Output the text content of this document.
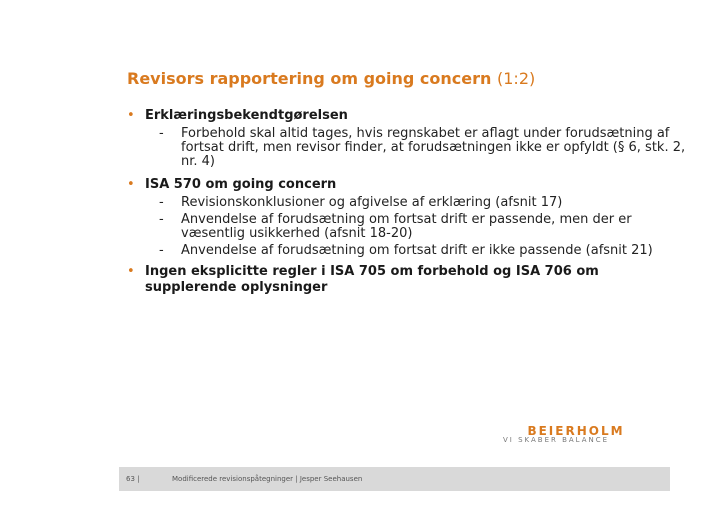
Revisors rapportering om going concern (1:2)
• Erklæringsbekendtgørelsen
- Forbehold skal altid tages, hvis regnskabet er aflagt under forudsætning af fortsat drift, men revisor finder, at forudsætningen ikke er opfyldt (§ 6, stk. 2, nr. 4)
• ISA 570 om going concern
- Revisionskonklusioner og afgivelse af erklæring (afsnit 17)
- Anvendelse af forudsætning om fortsat drift er passende, men der er væsentlig usikkerhed (afsnit 18-20)
- Anvendelse af forudsætning om fortsat drift er ikke passende (afsnit 21)
• Ingen eksplicitte regler i ISA 705 om forbehold og ISA 706 om supplerende oplysninger
BEIERHOLM
VI SKABER BALANCE
63 |	Modificerede revisionspåtegninger | Jesper Seehausen
